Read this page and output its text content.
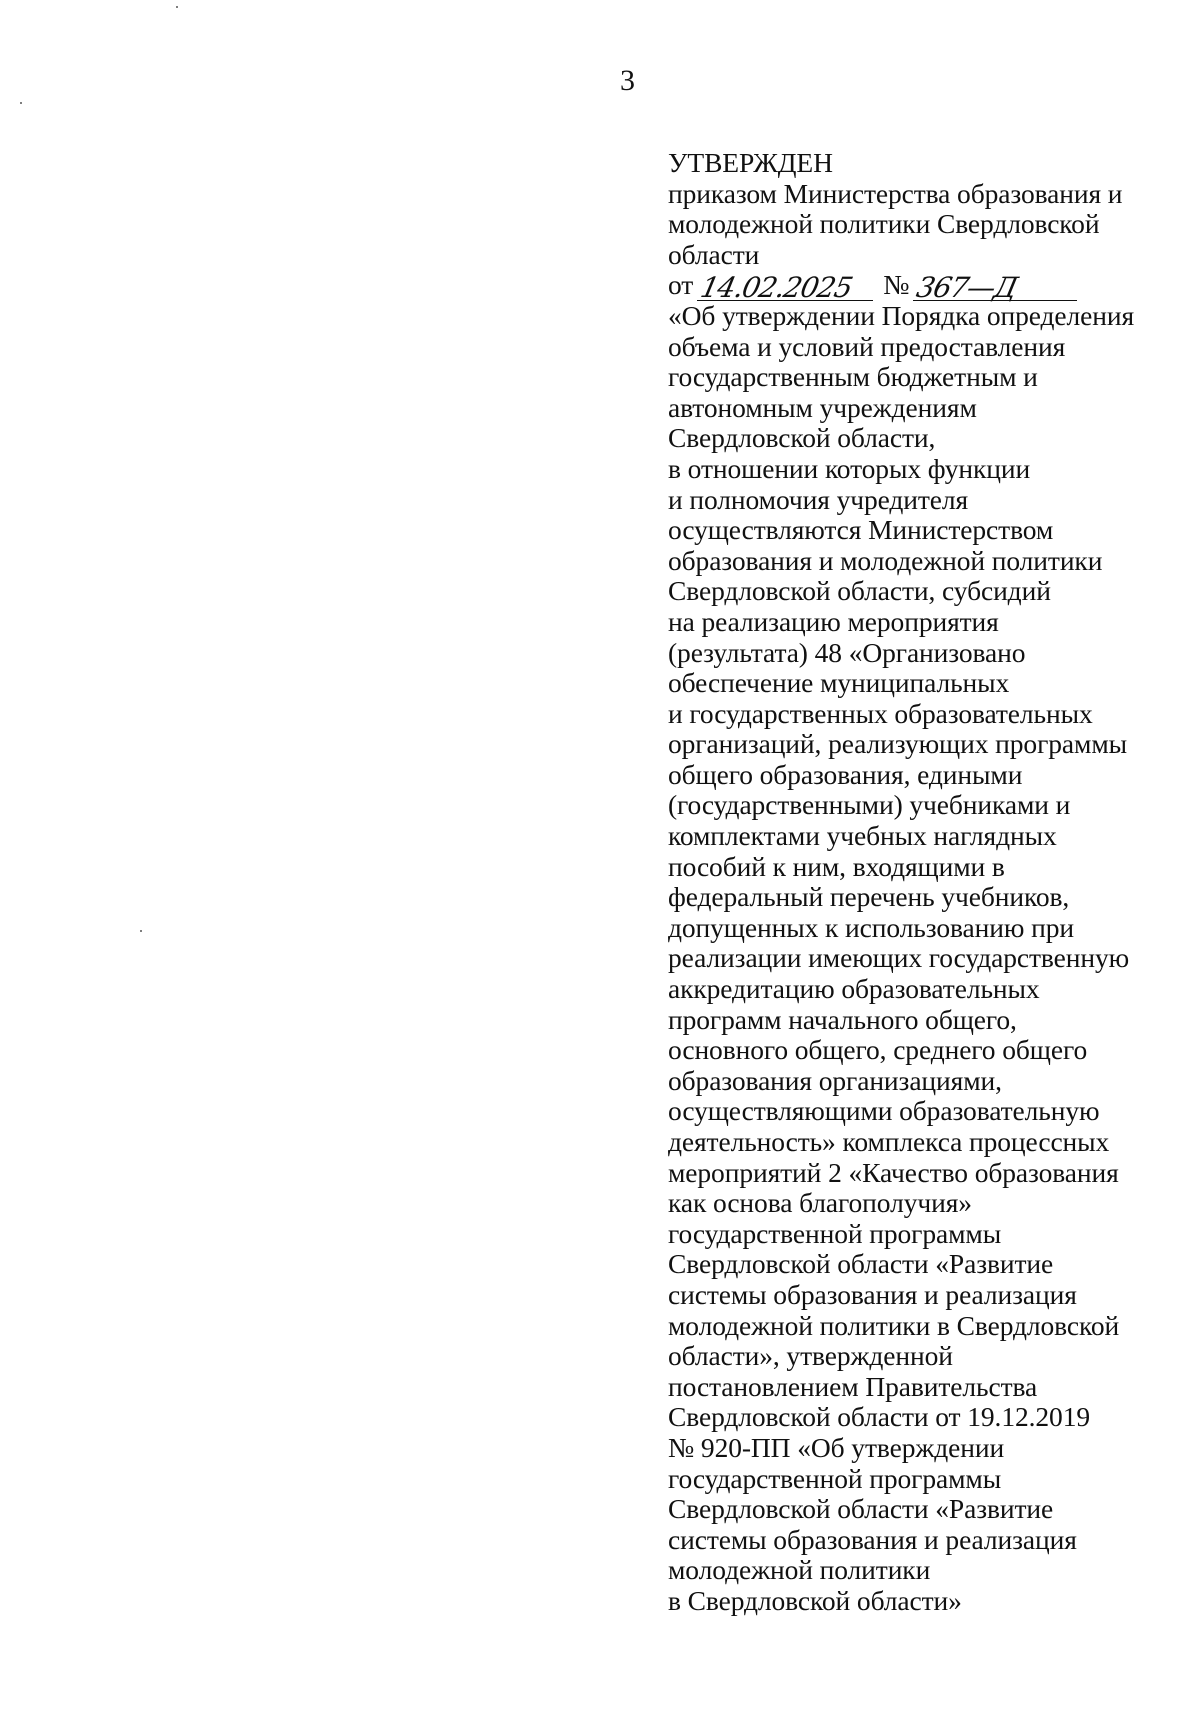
3
УТВЕРЖДЕН
приказом Министерства образования и
молодежной политики Свердловской
области
от 14.02.2025 № 367—Д
«Об утверждении Порядка определения
объема и условий предоставления
государственным бюджетным и
автономным учреждениям
Свердловской области,
в отношении которых функции
и полномочия учредителя
осуществляются Министерством
образования и молодежной политики
Свердловской области, субсидий
на реализацию мероприятия
(результата) 48 «Организовано
обеспечение муниципальных
и государственных образовательных
организаций, реализующих программы
общего образования, едиными
(государственными) учебниками и
комплектами учебных наглядных
пособий к ним, входящими в
федеральный перечень учебников,
допущенных к использованию при
реализации имеющих государственную
аккредитацию образовательных
программ начального общего,
основного общего, среднего общего
образования организациями,
осуществляющими образовательную
деятельность» комплекса процессных
мероприятий 2 «Качество образования
как основа благополучия»
государственной программы
Свердловской области «Развитие
системы образования и реализация
молодежной политики в Свердловской
области», утвержденной
постановлением Правительства
Свердловской области от 19.12.2019
№ 920-ПП «Об утверждении
государственной программы
Свердловской области «Развитие
системы образования и реализация
молодежной политики
в Свердловской области»
